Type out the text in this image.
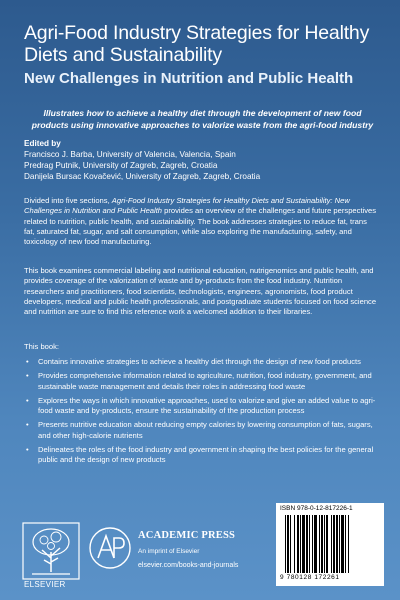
Agri-Food Industry Strategies for Healthy Diets and Sustainability
New Challenges in Nutrition and Public Health

Illustrates how to achieve a healthy diet through the development of new food products using innovative approaches to valorize waste from the agri-food industry

Edited by
Francisco J. Barba, University of Valencia, Valencia, Spain
Predrag Putnik, University of Zagreb, Zagreb, Croatia
Danijela Bursac Kovačević, University of Zagreb, Zagreb, Croatia

Divided into five sections, Agri-Food Industry Strategies for Healthy Diets and Sustainability: New Challenges in Nutrition and Public Health provides an overview of the challenges and future perspectives related to nutrition, public health, and sustainability. The book addresses strategies to reduce fat, trans fat, saturated fat, sugar, and salt consumption, while also exploring the manufacturing, safety, and toxicology of new food manufacturing.

This book examines commercial labeling and nutritional education, nutrigenomics and public health, and provides coverage of the valorization of waste and by-products from the food industry. Nutrition researchers and practitioners, food scientists, technologists, engineers, agronomists, food product developers, medical and public health professionals, and postgraduate students focused on food science and nutrition are sure to find this reference work a welcomed addition to their libraries.

This book:
• Contains innovative strategies to achieve a healthy diet through the design of new food products
• Provides comprehensive information related to agriculture, nutrition, food industry, government, and sustainable waste management and details their roles in addressing food waste
• Explores the ways in which innovative approaches, used to valorize and give an added value to agri-food waste and by-products, ensure the sustainability of the production process
• Presents nutritive education about reducing empty calories by lowering consumption of fats, sugars, and other high-calorie nutrients
• Delineates the roles of the food industry and government in shaping the best policies for the general public and the design of new products
ELSEVIER
ACADEMIC PRESS
An imprint of Elsevier
elsevier.com/books-and-journals
ISBN 978-0-12-817226-1
9 780128 172261
